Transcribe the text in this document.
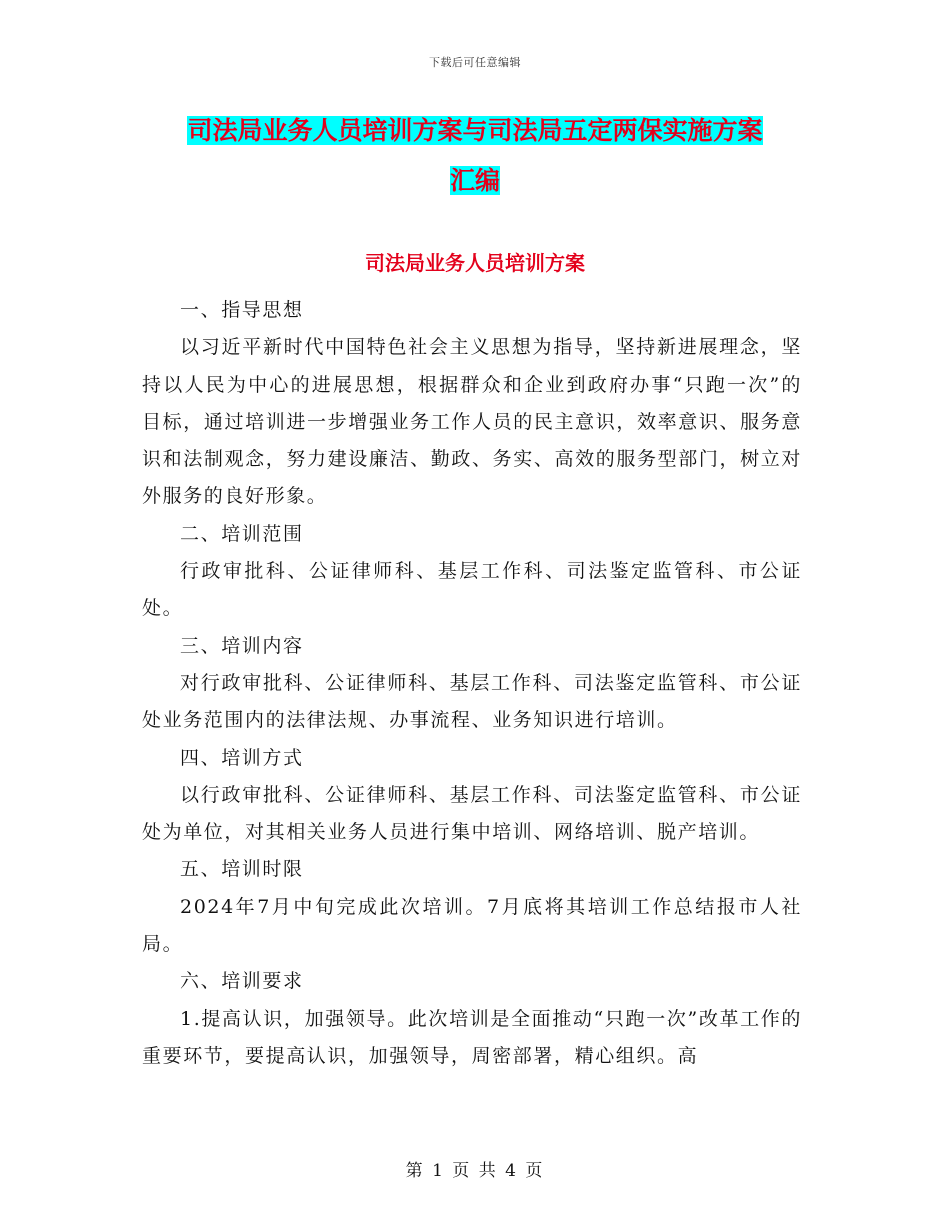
下载后可任意编辑
司法局业务人员培训方案与司法局五定两保实施方案
汇编
司法局业务人员培训方案

一、指导思想

以习近平新时代中国特色社会主义思想为指导，坚持新进展理念，坚持以人民为中心的进展思想，根据群众和企业到政府办事“只跑一次”的目标，通过培训进一步增强业务工作人员的民主意识，效率意识、服务意识和法制观念，努力建设廉洁、勤政、务实、高效的服务型部门，树立对外服务的良好形象。

二、培训范围

行政审批科、公证律师科、基层工作科、司法鉴定监管科、市公证处。

三、培训内容

对行政审批科、公证律师科、基层工作科、司法鉴定监管科、市公证处业务范围内的法律法规、办事流程、业务知识进行培训。

四、培训方式

以行政审批科、公证律师科、基层工作科、司法鉴定监管科、市公证处为单位，对其相关业务人员进行集中培训、网络培训、脱产培训。

五、培训时限

2024年7月中旬完成此次培训。7月底将其培训工作总结报市人社局。

六、培训要求

1.提高认识，加强领导。此次培训是全面推动“只跑一次”改革工作的重要环节，要提高认识，加强领导，周密部署，精心组织。高

第 1 页 共 4 页
